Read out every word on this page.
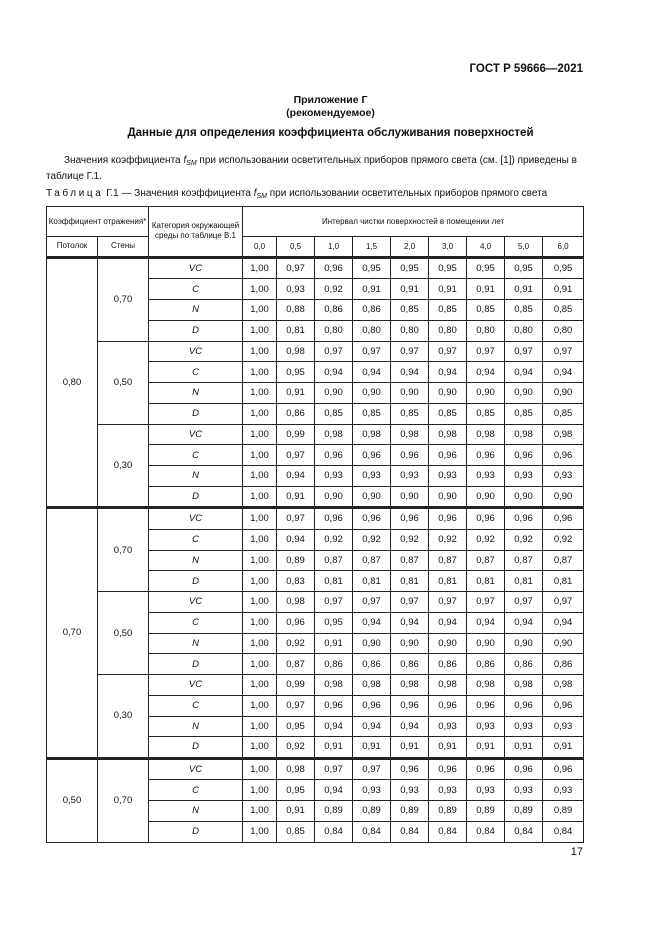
ГОСТ Р 59666—2021
Приложение Г
(рекомендуемое)
Данные для определения коэффициента обслуживания поверхностей
Значения коэффициента $f_{SM}$ при использовании осветительных приборов прямого света (см. [1]) приведены в таблице Г.1.
Таблица Г.1 — Значения коэффициента $f_{SM}$ при использовании осветительных приборов прямого света
Коэффициент отражения*		Категория окружающей среды по таблице В.1	Интервал чистки поверхностей в помещении лет								
Потолок	Стены		0,0	0,5	1,0	1,5	2,0	3,0	4,0	5,0	6,0

0,80	0,70	VC	1,00	0,97	0,96	0,95	0,95	0,95	0,95	0,95	0,95
		C	1,00	0,93	0,92	0,91	0,91	0,91	0,91	0,91	0,91
		N	1,00	0,88	0,86	0,86	0,85	0,85	0,85	0,85	0,85
		D	1,00	0,81	0,80	0,80	0,80	0,80	0,80	0,80	0,80
	0,50	VC	1,00	0,98	0,97	0,97	0,97	0,97	0,97	0,97	0,97
		C	1,00	0,95	0,94	0,94	0,94	0,94	0,94	0,94	0,94
		N	1,00	0,91	0,90	0,90	0,90	0,90	0,90	0,90	0,90
		D	1,00	0,86	0,85	0,85	0,85	0,85	0,85	0,85	0,85
	0,30	VC	1,00	0,99	0,98	0,98	0,98	0,98	0,98	0,98	0,98
		C	1,00	0,97	0,96	0,96	0,96	0,96	0,96	0,96	0,96
		N	1,00	0,94	0,93	0,93	0,93	0,93	0,93	0,93	0,93
		D	1,00	0,91	0,90	0,90	0,90	0,90	0,90	0,90	0,90

0,70	0,70	VC	1,00	0,97	0,96	0,96	0,96	0,96	0,96	0,96	0,96
		C	1,00	0,94	0,92	0,92	0,92	0,92	0,92	0,92	0,92
		N	1,00	0,89	0,87	0,87	0,87	0,87	0,87	0,87	0,87
		D	1,00	0,83	0,81	0,81	0,81	0,81	0,81	0,81	0,81
	0,50	VC	1,00	0,98	0,97	0,97	0,97	0,97	0,97	0,97	0,97
		C	1,00	0,96	0,95	0,94	0,94	0,94	0,94	0,94	0,94
		N	1,00	0,92	0,91	0,90	0,90	0,90	0,90	0,90	0,90
		D	1,00	0,87	0,86	0,86	0,86	0,86	0,86	0,86	0,86
	0,30	VC	1,00	0,99	0,98	0,98	0,98	0,98	0,98	0,98	0,98
		C	1,00	0,97	0,96	0,96	0,96	0,96	0,96	0,96	0,96
		N	1,00	0,95	0,94	0,94	0,94	0,93	0,93	0,93	0,93
		D	1,00	0,92	0,91	0,91	0,91	0,91	0,91	0,91	0,91

0,50	0,70	VC	1,00	0,98	0,97	0,97	0,96	0,96	0,96	0,96	0,96
		C	1,00	0,95	0,94	0,93	0,93	0,93	0,93	0,93	0,93
		N	1,00	0,91	0,89	0,89	0,89	0,89	0,89	0,89	0,89
		D	1,00	0,85	0,84	0,84	0,84	0,84	0,84	0,84	0,84
17
